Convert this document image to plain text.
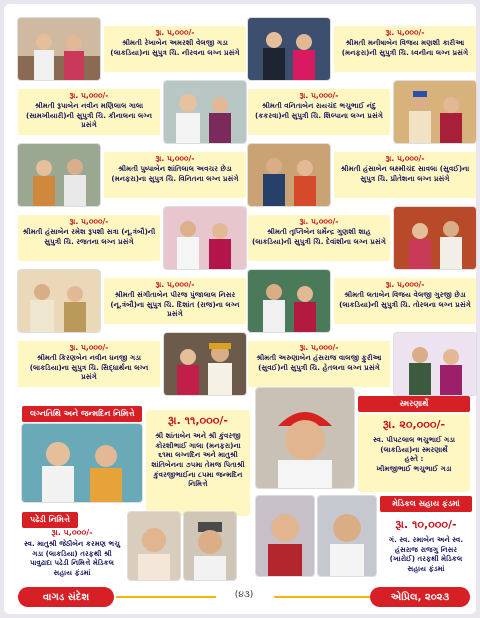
રૂા. ૫,૦૦૦/-
શ્રીમતી રેખાબેન અમરશી વેલજી ગડા (લાકડિયા)ના સુપુત્ર ચિ. નીરવના લગ્ન પ્રસંગે
રૂા. ૫,૦૦૦/-
શ્રીમતી રૂપાબેન નવીન મણિલાલ ગાલા (સામખીયારી)ની સુપુત્રી ચિ. કીનાલના લગ્ન પ્રસંગે
રૂા. ૫,૦૦૦/-
શ્રીમતી પુષ્પાબેન શાંતિલાલ અવચર છેડા (મનફરા)ના સુપુત્ર ચિ. વિનિતના લગ્ન પ્રસંગે
રૂા. ૫,૦૦૦/-
શ્રીમતી હંસાબેન રમેશ રૂપશી સત્રા (નૂ.ત્રંબૌ)ની સુપુત્રી ચિ. રજતના લગ્ન પ્રસંગે
રૂા. ૫,૦૦૦/-
શ્રીમતી સંગીતાબેન પીરજ પુંજાલાલ નિસર (નૂ.ત્રંબૌ)ના સુપુત્ર ચિ. દિશાંત (રાજ)ના લગ્ન પ્રસંગે
રૂા. ૫,૦૦૦/-
શ્રીમતી કિરણબેન નવીન ધનજી ગડા (લાકડિયા)ના સુપુત્ર ચિ. સિદ્ધાર્થના લગ્ન પ્રસંગે
રૂા. ૫,૦૦૦/-
શ્રીમતી મનીષાબેન વિજય મણશી કારીઆ (મનફરા)ની સુપુત્રી ચિ. ધ્વનીના લગ્ન પ્રસંગે
રૂા. ૫,૦૦૦/-
શ્રીમતી વનિતાબેન રાયચંદ ભચુભાઈ નંદુ (કકરવા)ની સુપુત્રી ચિ. શિલ્પાના લગ્ન પ્રસંગે
રૂા. ૫,૦૦૦/-
શ્રીમતી હંસાબેન લક્ષ્મીચંદ સાવલા (સુવઈ)ના સુપુત્ર ચિ. પ્રીતેશના લગ્ન પ્રસંગે
રૂા. ૫,૦૦૦/-
શ્રીમતી તૃપ્તિબેન ધર્મેન્દ્ર ગુણશી શાહ (લાકડિયા)ની સુપુત્રી ચિ. દેવાંશીના લગ્ન પ્રસંગે
રૂા. ૫,૦૦૦/-
શ્રીમતી લતાબેન વિજય વેલજી ગુરજી છેડા (લાકડિયા)ની સુપુત્રી ચિ. તોરલના લગ્ન પ્રસંગે
રૂા. ૫,૦૦૦/-
શ્રીમતી અરુણાબેન હંસરાજ વાલજી ફુરીઆ (સુવઈ)ની સુપુત્રી ચિ. હેતલના લગ્ન પ્રસંગે
લગ્નતિથિ અને જન્મદિન નિમિત્તે
રૂા. ૧૧,૦૦૦/-
શ્રી શાંતાબેન અને શ્રી કુંવરજી કોરશીભાઈ ગાલા (મનફરા)ના ૬૧મા લગ્નદિન અને માતુશ્રી શાંતિબેનના ૭૫મા તેમજ પિતાશ્રી કુંવરજીભાઈના ૮૫મા જન્મદિન નિમિત્તે
સ્મરણાર્થે
રૂા. ૨૦,૦૦૦/-
સ્વ. પીપટલાલ ભચુભાઈ ગડા (લાકડિયા)ના સ્મરણાર્થે
હસ્તે :
ખીમજીભાઈ ભચુભાઈ ગડા
પઢેડી નિમિત્તે
રૂા. ૫,૦૦૦/-
સ્વ. માતુશ્રી જેઠીબેન કરમણ ભચુ ગડા (લાકડિયા) તરફથી શ્રી પાવુઢાદા પઢેડી નિમિત્તે મેડિકલ સહાય ફંડમાં
મેડિકલ સહાય ફંડમાં
રૂા. ૧૦,૦૦૦/-
ગં. સ્વ. રમાબેન અને સ્વ. હંસરાજ રાજગુ નિસર (ખારોઈ) તરફથી મેડિકલ સહાય ફંડમાં
વાગડ સંદેશ	(૪૩)	એપ્રિલ, ૨૦૨૩
